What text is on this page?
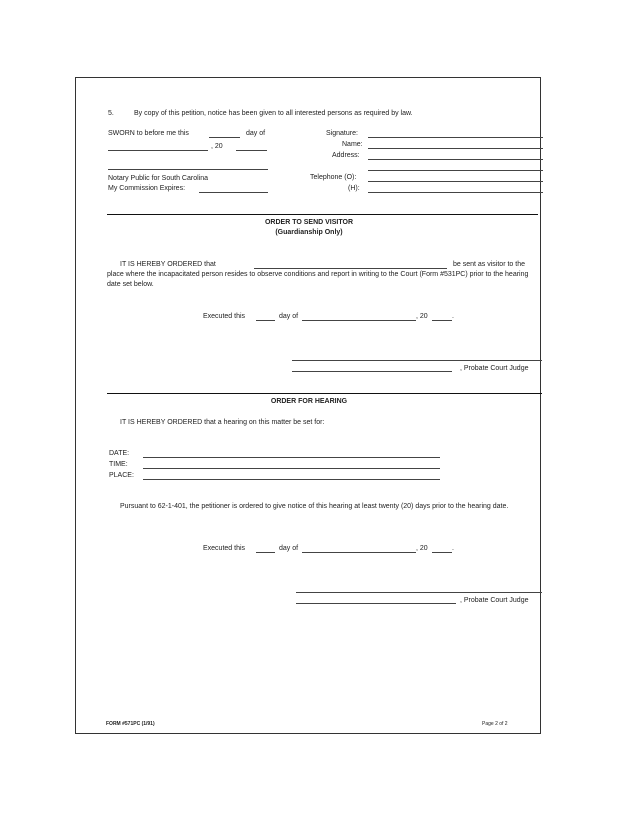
5.	By copy of this petition, notice has been given to all interested persons as required by law.
SWORN to before me this	day of
, 20
Notary Public for South Carolina
My Commission Expires:
Signature:
Name:
Address:
Telephone (O):
(H):
ORDER TO SEND VISITOR
(Guardianship Only)
IT IS HEREBY ORDERED that	be sent as visitor to the
place where the incapacitated person resides to observe conditions and report in writing to the Court (Form #531PC) prior to the hearing date set below.
Executed this	day of	, 20	.
, Probate Court Judge
ORDER FOR HEARING
IT IS HEREBY ORDERED that a hearing on this matter be set for:
DATE:
TIME:
PLACE:
Pursuant to 62-1-401, the petitioner is ordered to give notice of this hearing at least twenty (20) days prior to the hearing date.
Executed this	day of	, 20	.
, Probate Court Judge
FORM #571PC (1/91)	Page 2 of 2
